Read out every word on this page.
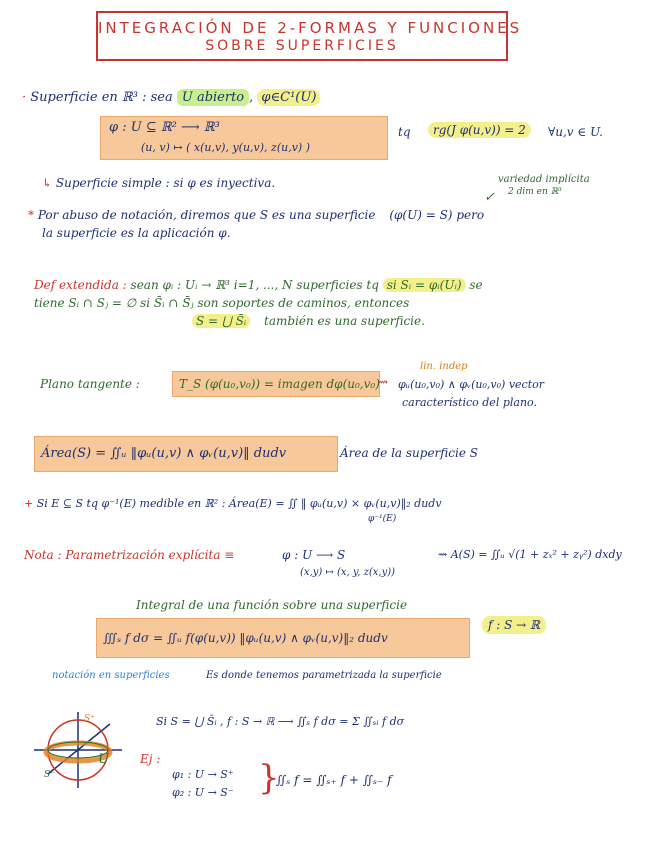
INTEGRACIÓN DE 2-FORMAS Y FUNCIONES
SOBRE SUPERFICIES
· Superficie en ℝ³ : sea U abierto , φ∈C¹(U)
φ : U ⊆ ℝ² ⟶ ℝ³
(u, v) ↦ ( x(u,v), y(u,v), z(u,v) )
tq	rg(J φ(u,v)) = 2	∀u,v ∈ U.
↳ Superficie simple : si φ es inyectiva.	variedad implícita
2 dim en ℝ³
✓
* Por abuso de notación, diremos que S es una superficie (φ(U) = S) pero
la superficie es la aplicación φ.
Def extendida : sean φᵢ : Uᵢ → ℝ³ i=1, ..., N superficies tq si Sᵢ = φᵢ(Uᵢ) se
tiene Sᵢ ∩ Sⱼ = ∅ si S̄ᵢ ∩ S̄ⱼ son soportes de caminos, entonces
S = ⋃ S̄ᵢ también es una superficie.
Plano tangente :	T_S (φ(u₀,v₀)) = imagen dφ(u₀,v₀)
⇝
lin. indep
φᵤ(u₀,v₀) ∧ φᵥ(u₀,v₀) vector
característico del plano.
Área(S) = ∬ᵤ ‖φᵤ(u,v) ∧ φᵥ(u,v)‖ dudv	Área de la superficie S
+ Si E ⊆ S tq φ⁻¹(E) medible en ℝ² : Área(E) = ∬ ‖ φᵤ(u,v) × φᵥ(u,v)‖₂ dudv
φ⁻¹(E)
Nota : Parametrización explícita ≡	φ : U ⟶ S
(x,y) ↦ (x, y, z(x,y))
⇝ A(S) = ∬ᵤ √(1 + zₓ² + zᵧ²) dxdy
Integral de una función sobre una superficie
∭ₛ f dσ = ∬ᵤ f(φ(u,v)) ‖φᵤ(u,v) ∧ φᵥ(u,v)‖₂ dudv
f : S → ℝ
notación en superficies	Es donde tenemos parametrizada la superficie
S⁺
S⁻
U
Si S = ⋃ S̄ᵢ , f : S → ℝ ⟶ ∬ₛ f dσ = Σ ∬ₛᵢ f dσ
Ej :
φ₁ : U → S⁺
φ₂ : U → S⁻ }
∬ₛ f = ∬ₛ₊ f + ∬ₛ₋ f
